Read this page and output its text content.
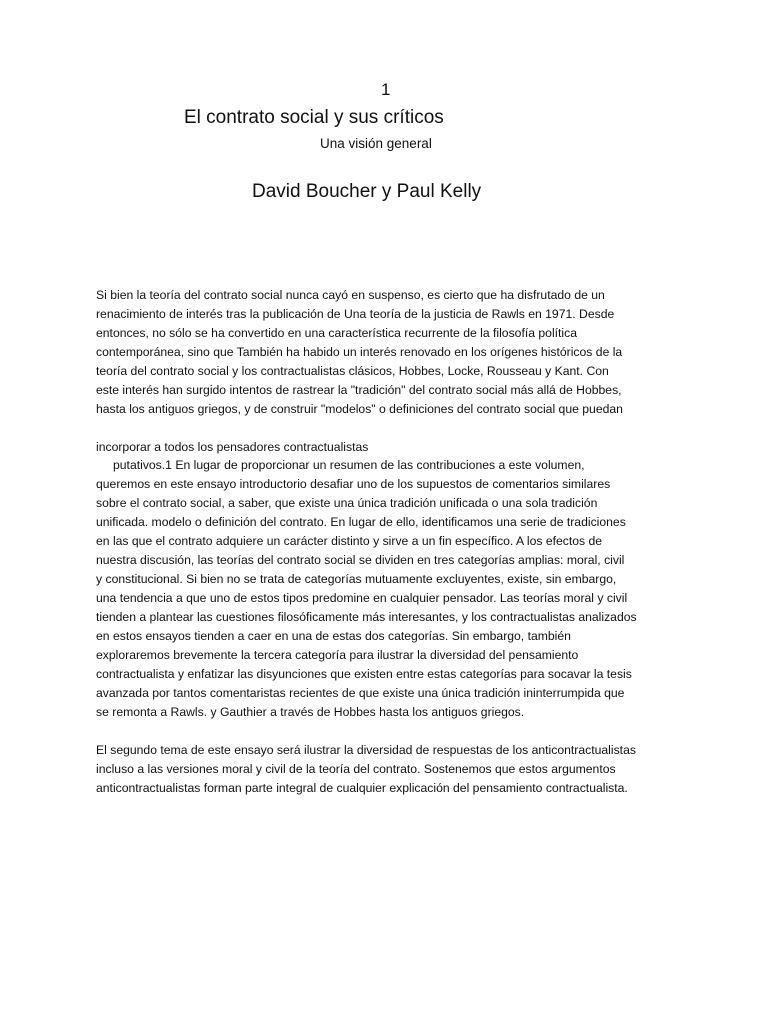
1
El contrato social y sus críticos
Una visión general
David Boucher y Paul Kelly
Si bien la teoría del contrato social nunca cayó en suspenso, es cierto que ha disfrutado de un
renacimiento de interés tras la publicación de Una teoría de la justicia de Rawls en 1971. Desde
entonces, no sólo se ha convertido en una característica recurrente de la filosofía política
contemporánea, sino que También ha habido un interés renovado en los orígenes históricos de la
teoría del contrato social y los contractualistas clásicos, Hobbes, Locke, Rousseau y Kant. Con
este interés han surgido intentos de rastrear la "tradición" del contrato social más allá de Hobbes,
hasta los antiguos griegos, y de construir "modelos" o definiciones del contrato social que puedan
incorporar a todos los pensadores contractualistas
putativos.1 En lugar de proporcionar un resumen de las contribuciones a este volumen,
queremos en este ensayo introductorio desafiar uno de los supuestos de comentarios similares
sobre el contrato social, a saber, que existe una única tradición unificada o una sola tradición
unificada. modelo o definición del contrato. En lugar de ello, identificamos una serie de tradiciones
en las que el contrato adquiere un carácter distinto y sirve a un fin específico. A los efectos de
nuestra discusión, las teorías del contrato social se dividen en tres categorías amplias: moral, civil
y constitucional. Si bien no se trata de categorías mutuamente excluyentes, existe, sin embargo,
una tendencia a que uno de estos tipos predomine en cualquier pensador. Las teorías moral y civil
tienden a plantear las cuestiones filosóficamente más interesantes, y los contractualistas analizados
en estos ensayos tienden a caer en una de estas dos categorías. Sin embargo, también
exploraremos brevemente la tercera categoría para ilustrar la diversidad del pensamiento
contractualista y enfatizar las disyunciones que existen entre estas categorías para socavar la tesis
avanzada por tantos comentaristas recientes de que existe una única tradición ininterrumpida que
se remonta a Rawls. y Gauthier a través de Hobbes hasta los antiguos griegos.
El segundo tema de este ensayo será ilustrar la diversidad de respuestas de los anticontractualistas
incluso a las versiones moral y civil de la teoría del contrato. Sostenemos que estos argumentos
anticontractualistas forman parte integral de cualquier explicación del pensamiento contractualista.
